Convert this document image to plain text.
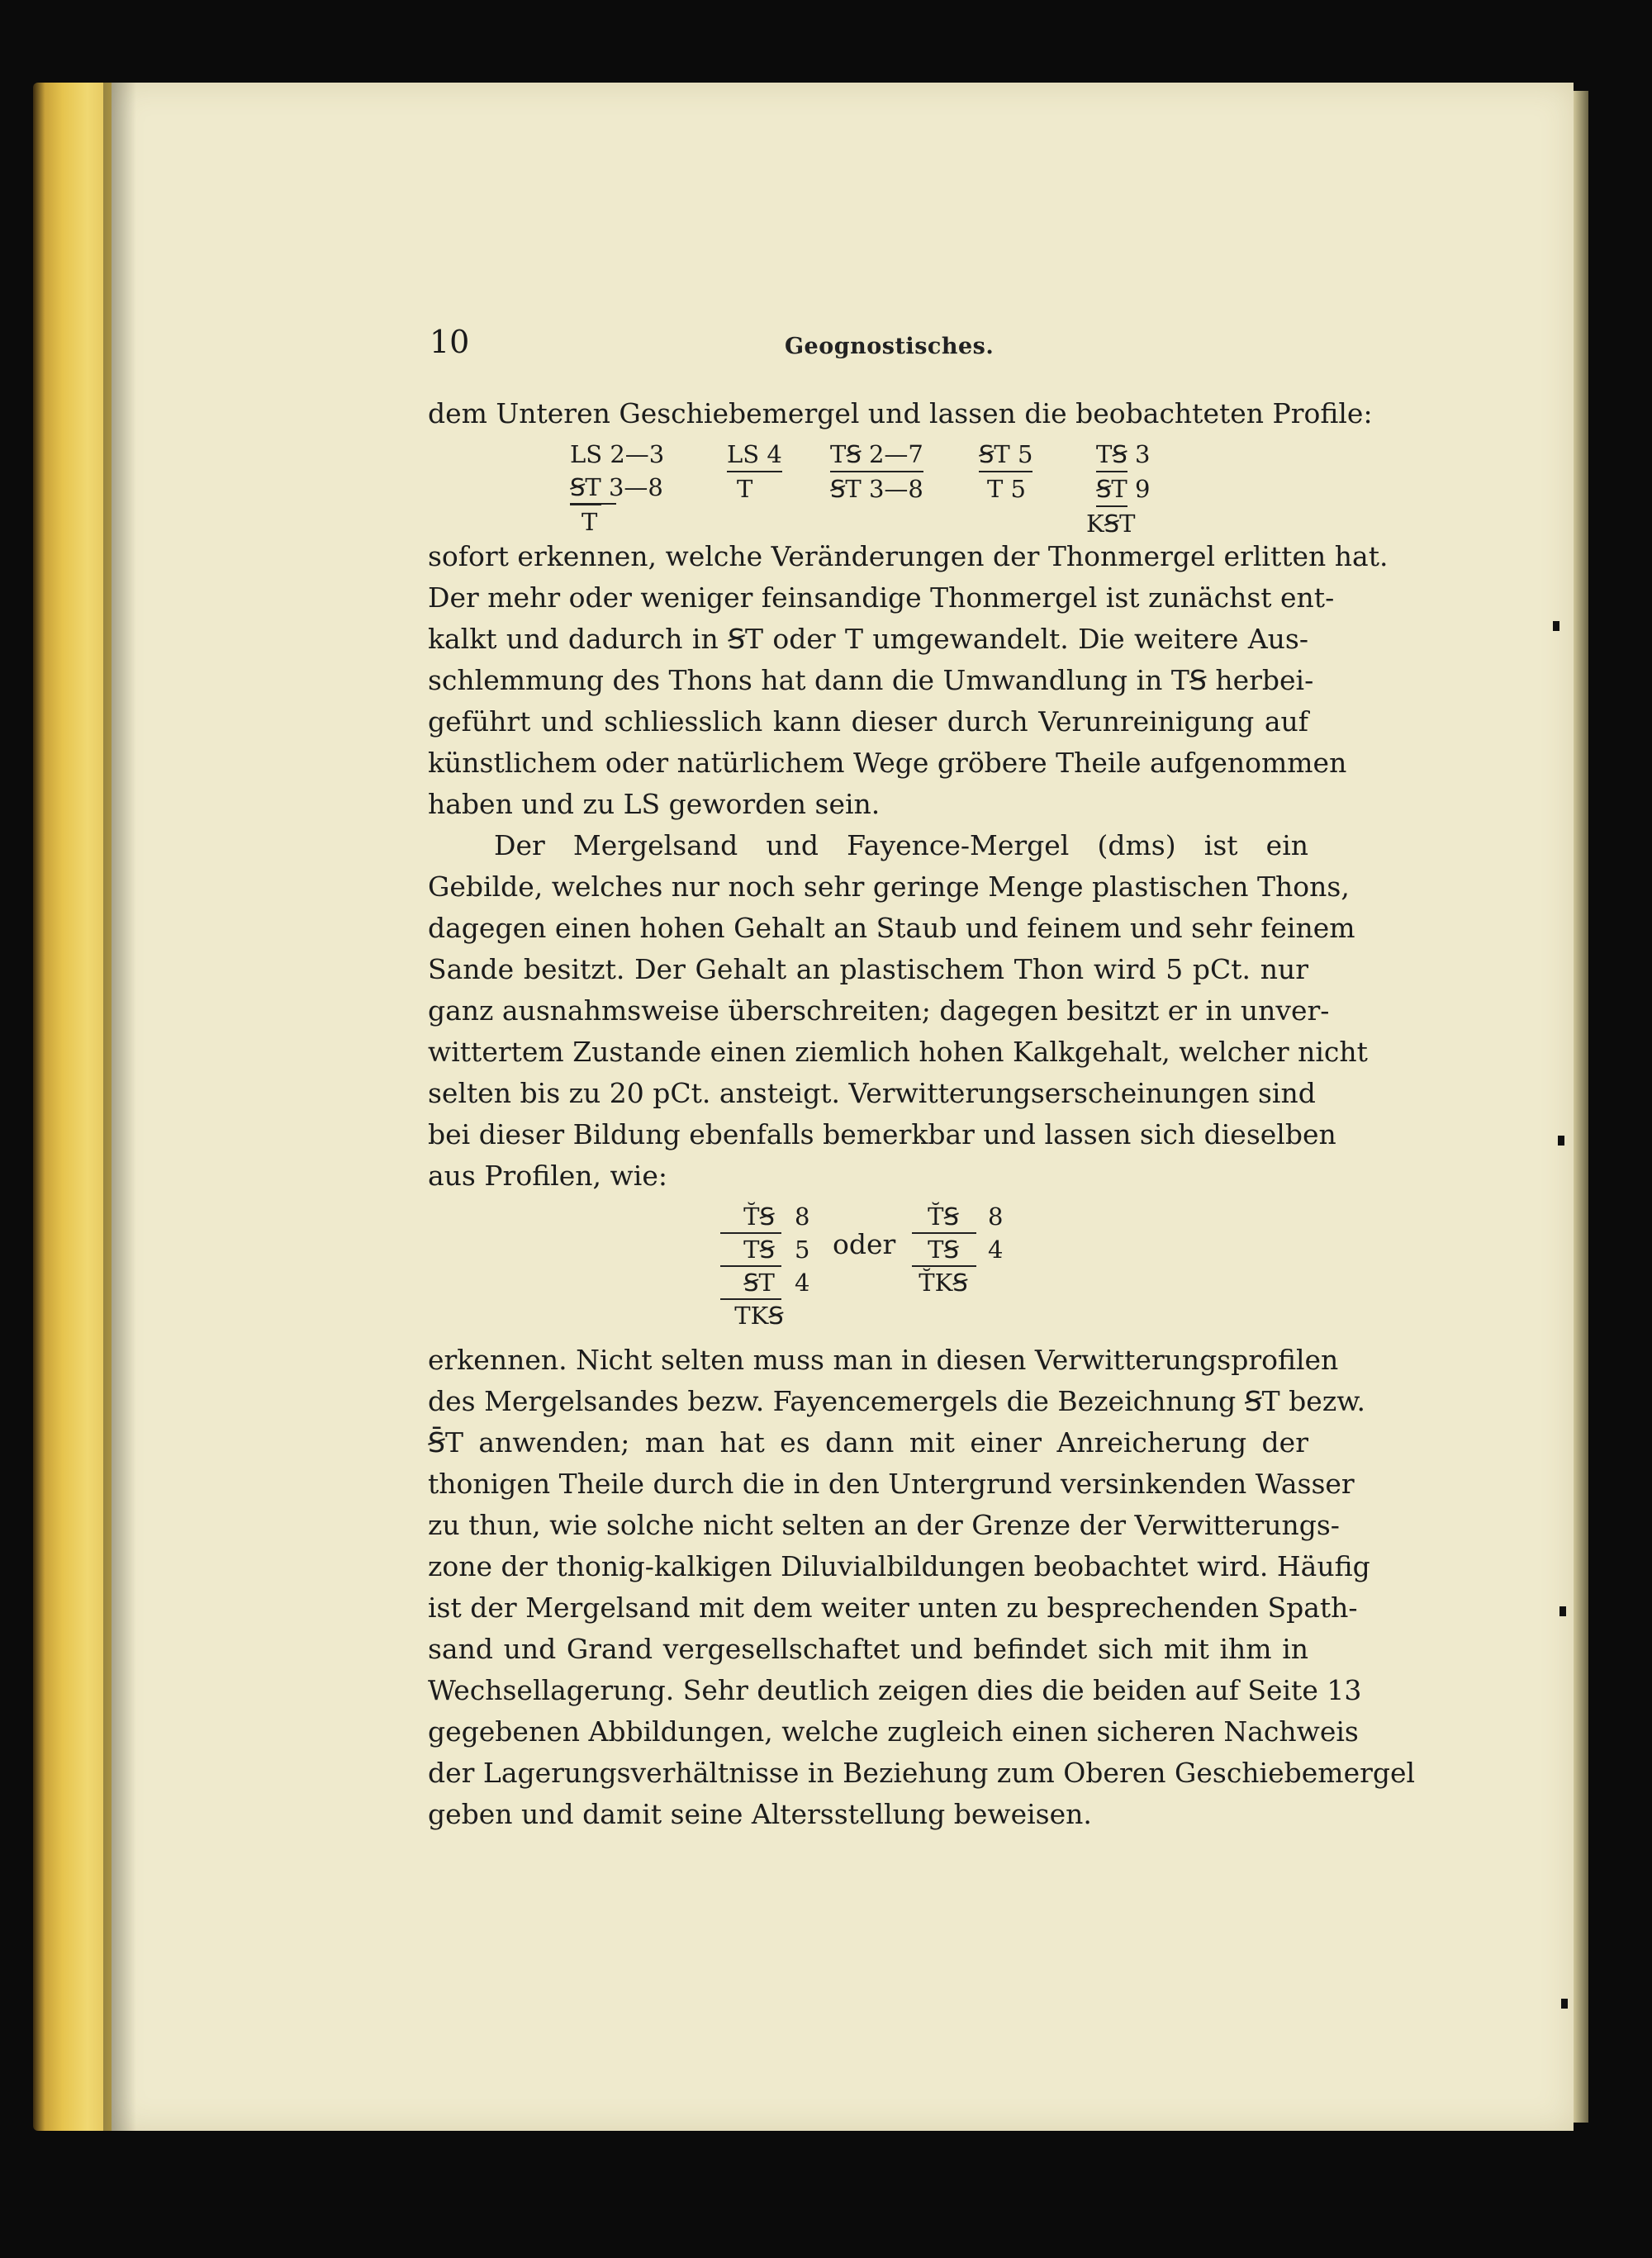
10	Geognostisches.
dem Unteren Geschiebemergel und lassen die beobachteten Profile:
LS 2—3
ꞨT 3—8
T
LS 4
T
TꞨ 2—7
ꞨT 3—8
ꞨT 5
T 5
TꞨ 3
ꞨT 9
KꞨT
sofort erkennen, welche Veränderungen der Thonmergel erlitten hat.
Der mehr oder weniger feinsandige Thonmergel ist zunächst ent-
kalkt und dadurch in ꞨT oder T umgewandelt. Die weitere Aus-
schlemmung des Thons hat dann die Umwandlung in TꞨ herbei-
geführt und schliesslich kann dieser durch Verunreinigung auf
künstlichem oder natürlichem Wege gröbere Theile aufgenommen
haben und zu LS geworden sein.
Der Mergelsand und Fayence-Mergel (dms) ist ein
Gebilde, welches nur noch sehr geringe Menge plastischen Thons,
dagegen einen hohen Gehalt an Staub und feinem und sehr feinem
Sande besitzt. Der Gehalt an plastischem Thon wird 5 pCt. nur
ganz ausnahmsweise überschreiten; dagegen besitzt er in unver-
wittertem Zustande einen ziemlich hohen Kalkgehalt, welcher nicht
selten bis zu 20 pCt. ansteigt. Verwitterungserscheinungen sind
bei dieser Bildung ebenfalls bemerkbar und lassen sich dieselben
aus Profilen, wie:
T̆Ꞩ
TꞨ
ꞨT
TKꞨ
8
5
4
oder
T̆Ꞩ
TꞨ
T̆KꞨ
8
4
erkennen. Nicht selten muss man in diesen Verwitterungsprofilen
des Mergelsandes bezw. Fayencemergels die Bezeichnung ꞨT bezw.
Ꞩ̄T anwenden; man hat es dann mit einer Anreicherung der
thonigen Theile durch die in den Untergrund versinkenden Wasser
zu thun, wie solche nicht selten an der Grenze der Verwitterungs-
zone der thonig-kalkigen Diluvialbildungen beobachtet wird. Häufig
ist der Mergelsand mit dem weiter unten zu besprechenden Spath-
sand und Grand vergesellschaftet und befindet sich mit ihm in
Wechsellagerung. Sehr deutlich zeigen dies die beiden auf Seite 13
gegebenen Abbildungen, welche zugleich einen sicheren Nachweis
der Lagerungsverhältnisse in Beziehung zum Oberen Geschiebemergel
geben und damit seine Altersstellung beweisen.
